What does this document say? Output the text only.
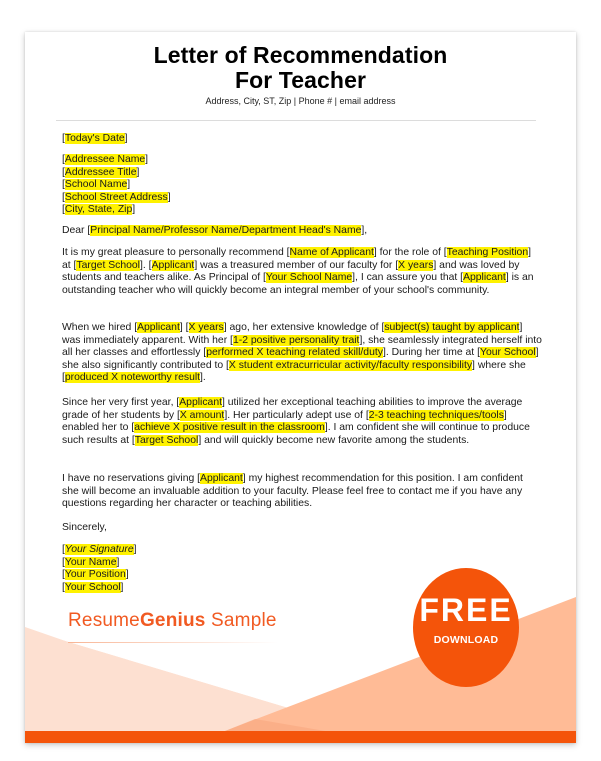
Letter of Recommendation
For Teacher
Address, City, ST, Zip | Phone # | email address
[Today's Date]
[Addressee Name]
[Addressee Title]
[School Name]
[School Street Address]
[City, State, Zip]
Dear [Principal Name/Professor Name/Department Head's Name],

It is my great pleasure to personally recommend [Name of Applicant] for the role of [Teaching Position] at [Target School]. [Applicant] was a treasured member of our faculty for [X years] and was loved by students and teachers alike. As Principal of [Your School Name], I can assure you that [Applicant] is an outstanding teacher who will quickly become an integral member of your school's community.

When we hired [Applicant] [X years] ago, her extensive knowledge of [subject(s) taught by applicant] was immediately apparent. With her [1-2 positive personality trait], she seamlessly integrated herself into all her classes and effortlessly [performed X teaching related skill/duty]. During her time at [Your School] she also significantly contributed to [X student extracurricular activity/faculty responsibility] where she [produced X noteworthy result].

Since her very first year, [Applicant] utilized her exceptional teaching abilities to improve the average grade of her students by [X amount]. Her particularly adept use of [2-3 teaching techniques/tools] enabled her to [achieve X positive result in the classroom]. I am confident she will continue to produce such results at [Target School] and will quickly become new favorite among the students.

I have no reservations giving [Applicant] my highest recommendation for this position. I am confident she will become an invaluable addition to your faculty. Please feel free to contact me if you have any questions regarding her character or teaching abilities.

Sincerely,
[Your Signature]
[Your Name]
[Your Position]
[Your School]
ResumeGenius Sample	FREE
DOWNLOAD
